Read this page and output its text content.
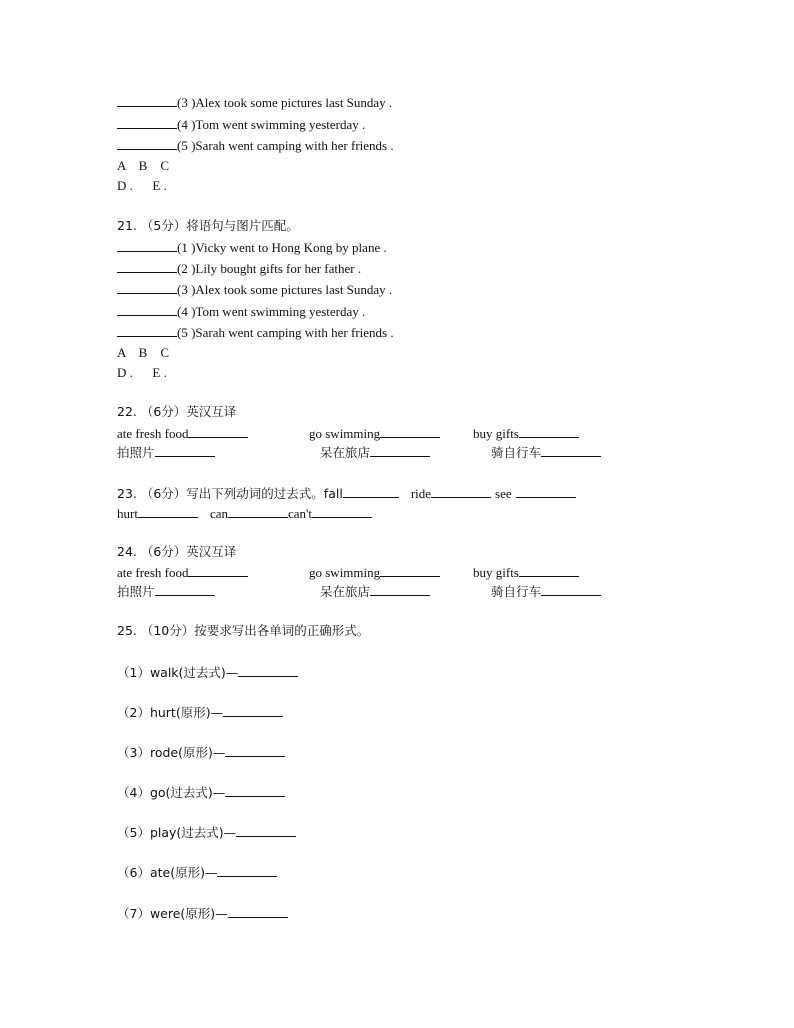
(3 )Alex took some pictures last Sunday .
(4 )Tom went swimming yesterday .
(5 )Sarah went camping with her friends .
A    B    C
D .      E .
21. （5分）将语句与图片匹配。
(1 )Vicky went to Hong Kong by plane .
(2 )Lily bought gifts for her father .
(3 )Alex took some pictures last Sunday .
(4 )Tom went swimming yesterday .
(5 )Sarah went camping with her friends .
A    B    C
D .      E .
22. （6分）英汉互译
ate fresh food	go swimming	buy gifts
拍照片	呆在旅店	骑自行车
23. （6分）写出下列动词的过去式。fall	ride	see
hurt	can	can't
24. （6分）英汉互译
ate fresh food	go swimming	buy gifts
拍照片	呆在旅店	骑自行车
25. （10分）按要求写出各单词的正确形式。
（1）walk(过去式)—
（2）hurt(原形)—
（3）rode(原形)—
（4）go(过去式)—
（5）play(过去式)—
（6）ate(原形)—
（7）were(原形)—
